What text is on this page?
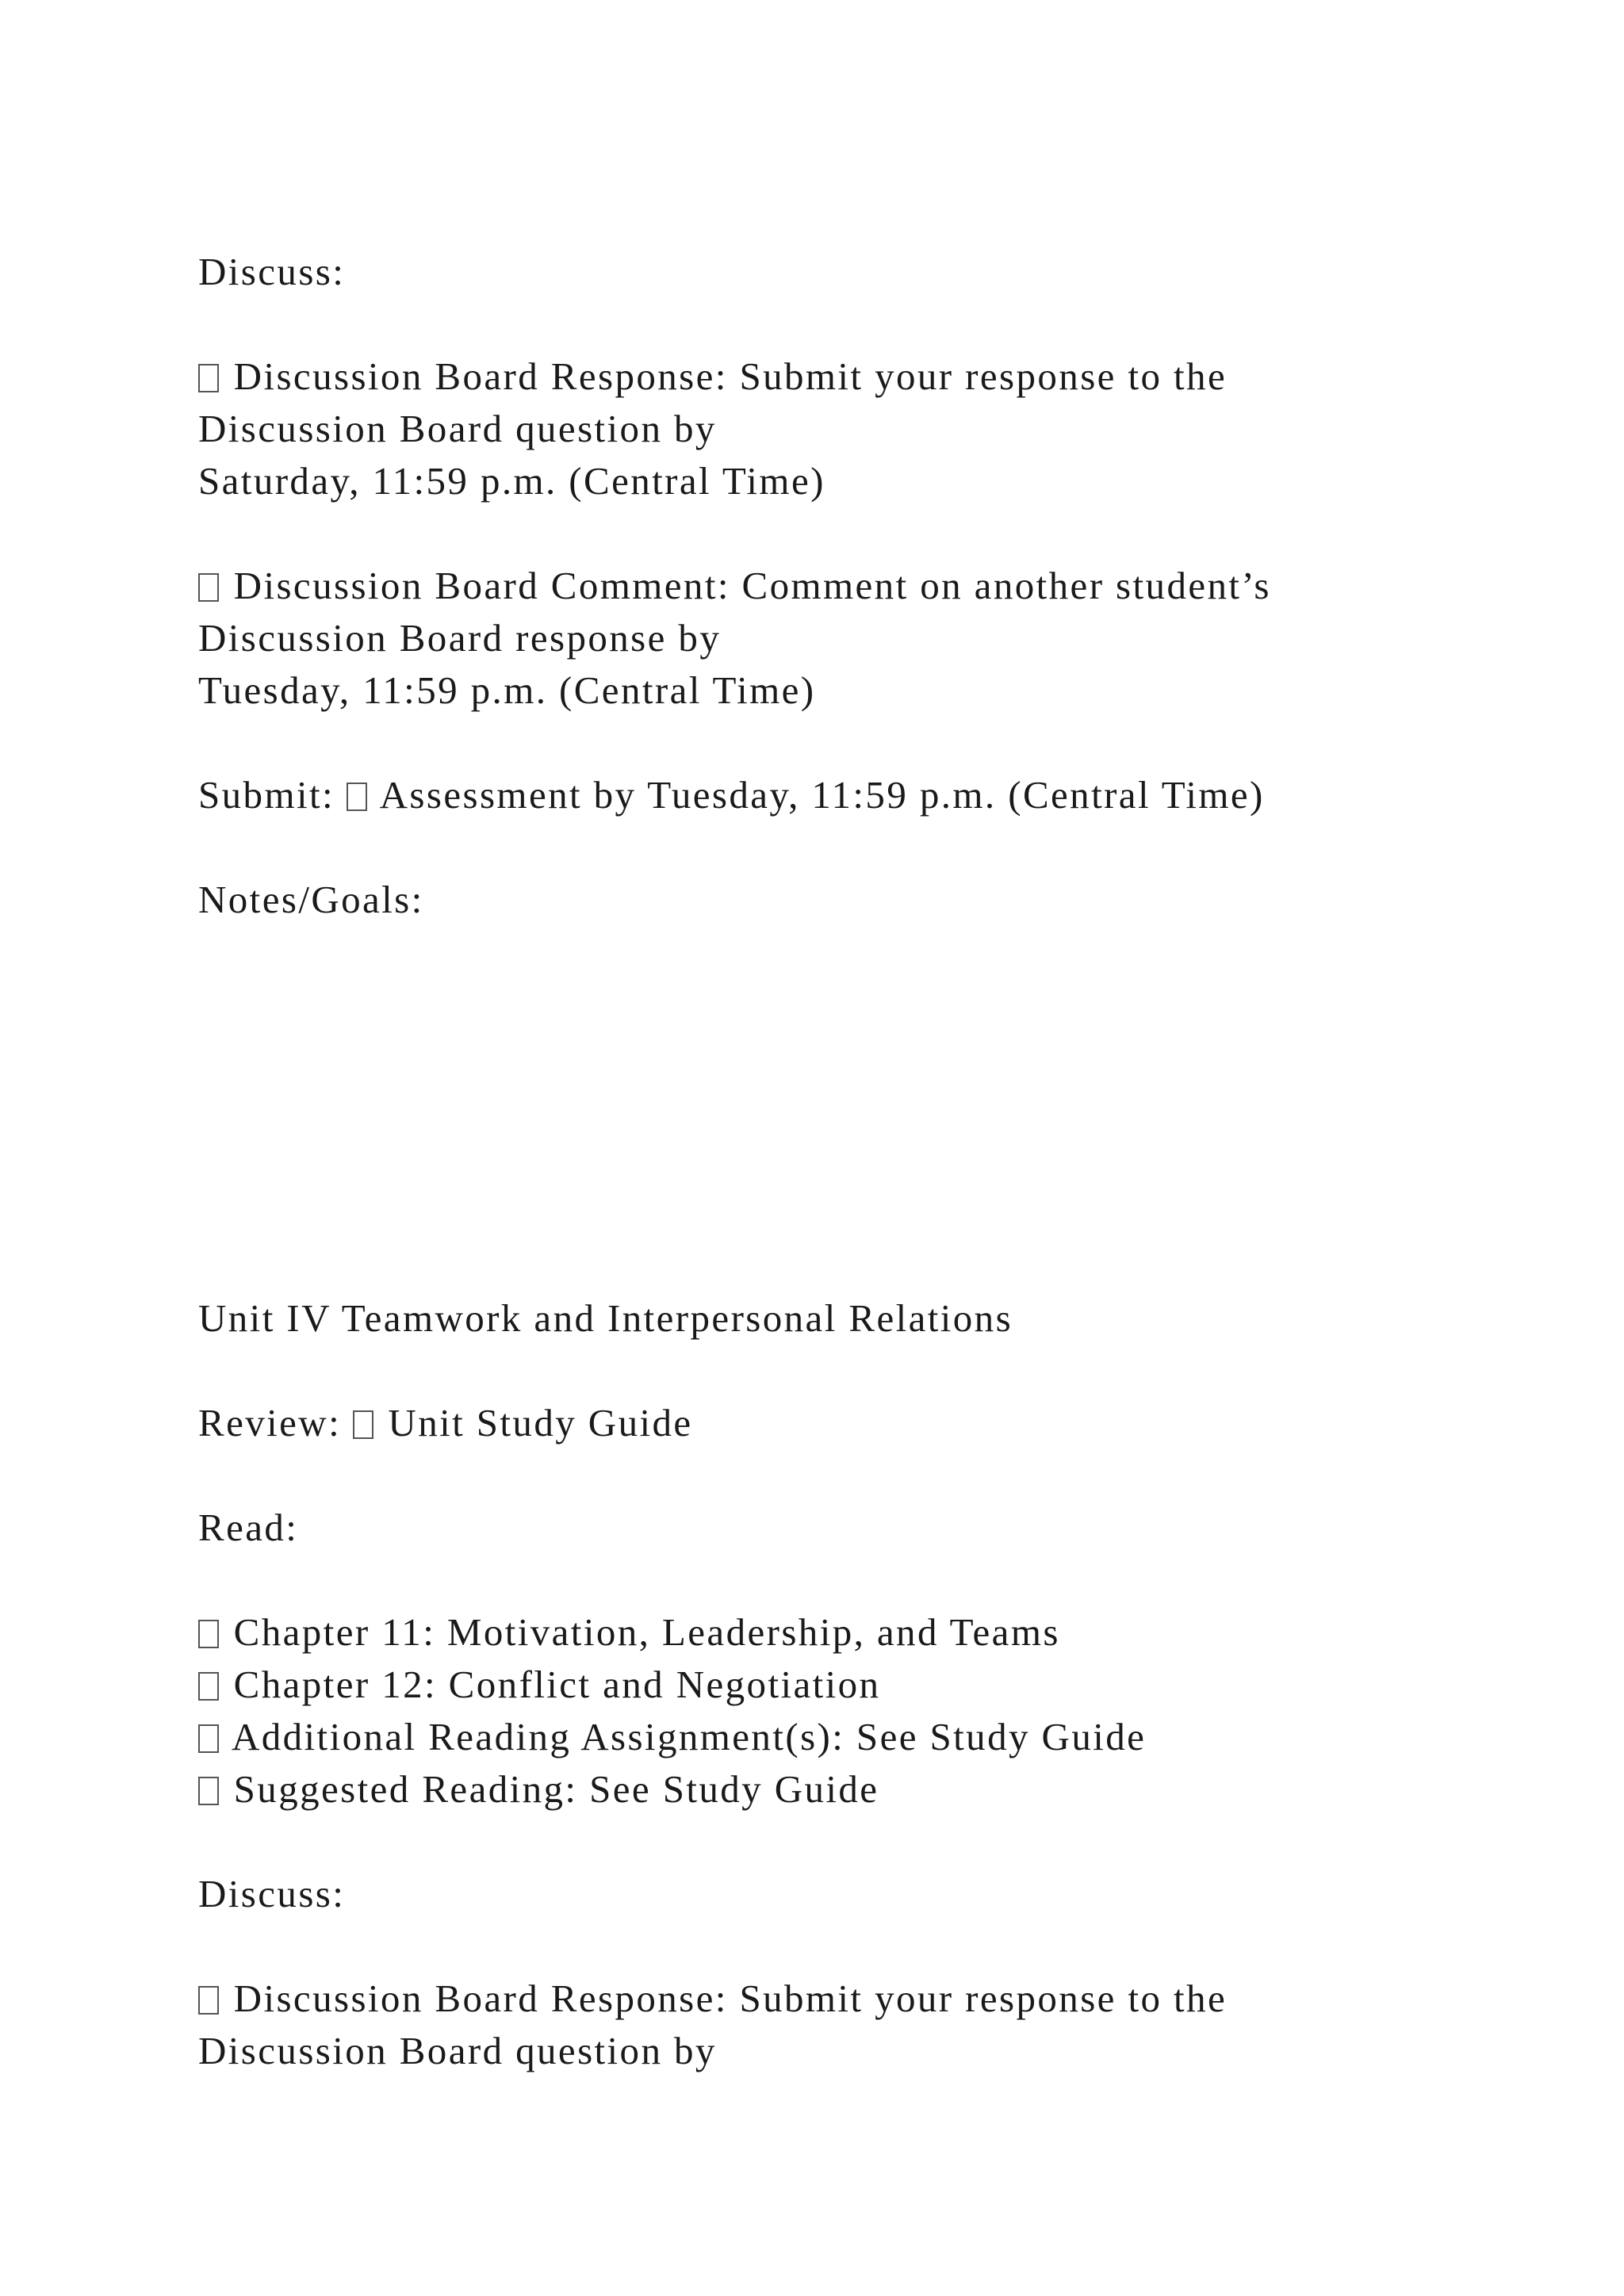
Discuss:
Discussion Board Response: Submit your response to the
Discussion Board question by
Saturday, 11:59 p.m. (Central Time)
Discussion Board Comment: Comment on another student’s
Discussion Board response by
Tuesday, 11:59 p.m. (Central Time)
Submit: Assessment by Tuesday, 11:59 p.m. (Central Time)
Notes/Goals:
Unit IV Teamwork and Interpersonal Relations
Review: Unit Study Guide
Read:
Chapter 11: Motivation, Leadership, and Teams
Chapter 12: Conflict and Negotiation
Additional Reading Assignment(s): See Study Guide
Suggested Reading: See Study Guide
Discuss:
Discussion Board Response: Submit your response to the
Discussion Board question by
